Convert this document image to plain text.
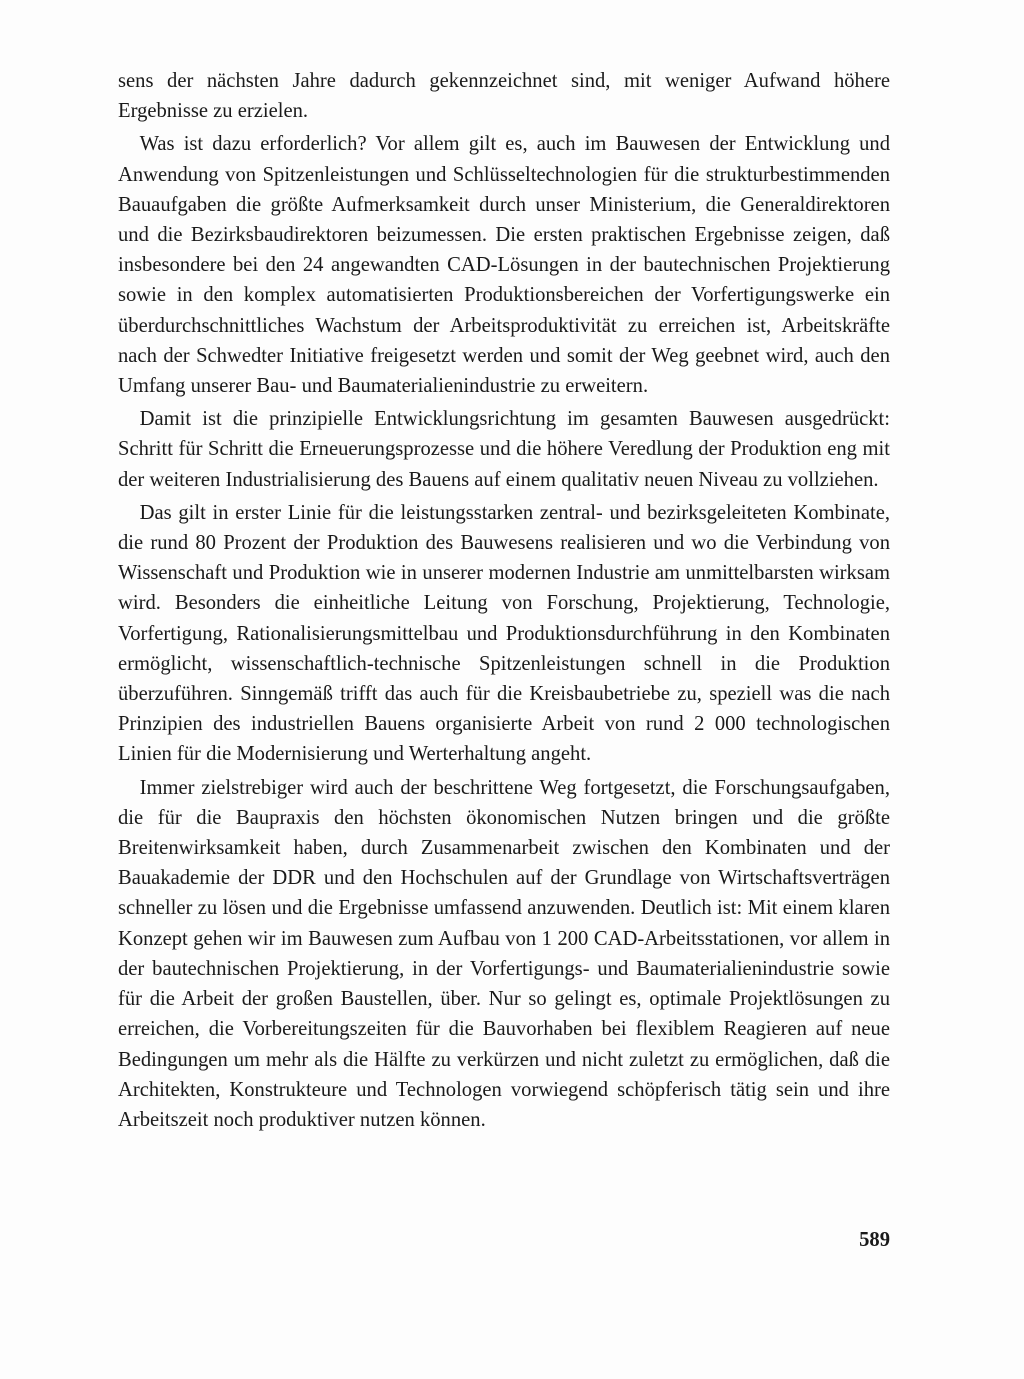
sens der nächsten Jahre dadurch gekennzeichnet sind, mit weniger Aufwand höhere Ergebnisse zu erzielen.

Was ist dazu erforderlich? Vor allem gilt es, auch im Bauwesen der Entwicklung und Anwendung von Spitzenleistungen und Schlüsseltechnologien für die strukturbestimmenden Bauaufgaben die größte Aufmerksamkeit durch unser Ministerium, die Generaldirektoren und die Bezirksbaudirektoren beizumessen. Die ersten praktischen Ergebnisse zeigen, daß insbesondere bei den 24 angewandten CAD-Lösungen in der bautechnischen Projektierung sowie in den komplex automatisierten Produktionsbereichen der Vorfertigungswerke ein überdurchschnittliches Wachstum der Arbeitsproduktivität zu erreichen ist, Arbeitskräfte nach der Schwedter Initiative freigesetzt werden und somit der Weg geebnet wird, auch den Umfang unserer Bau- und Baumaterialienindustrie zu erweitern.

Damit ist die prinzipielle Entwicklungsrichtung im gesamten Bauwesen ausgedrückt: Schritt für Schritt die Erneuerungsprozesse und die höhere Veredlung der Produktion eng mit der weiteren Industrialisierung des Bauens auf einem qualitativ neuen Niveau zu vollziehen.

Das gilt in erster Linie für die leistungsstarken zentral- und bezirksgeleiteten Kombinate, die rund 80 Prozent der Produktion des Bauwesens realisieren und wo die Verbindung von Wissenschaft und Produktion wie in unserer modernen Industrie am unmittelbarsten wirksam wird. Besonders die einheitliche Leitung von Forschung, Projektierung, Technologie, Vorfertigung, Rationalisierungsmittelbau und Produktionsdurchführung in den Kombinaten ermöglicht, wissenschaftlich-technische Spitzenleistungen schnell in die Produktion überzuführen. Sinngemäß trifft das auch für die Kreisbaubetriebe zu, speziell was die nach Prinzipien des industriellen Bauens organisierte Arbeit von rund 2 000 technologischen Linien für die Modernisierung und Werterhaltung angeht.

Immer zielstrebiger wird auch der beschrittene Weg fortgesetzt, die Forschungsaufgaben, die für die Baupraxis den höchsten ökonomischen Nutzen bringen und die größte Breitenwirksamkeit haben, durch Zusammenarbeit zwischen den Kombinaten und der Bauakademie der DDR und den Hochschulen auf der Grundlage von Wirtschaftsverträgen schneller zu lösen und die Ergebnisse umfassend anzuwenden. Deutlich ist: Mit einem klaren Konzept gehen wir im Bauwesen zum Aufbau von 1 200 CAD-Arbeitsstationen, vor allem in der bautechnischen Projektierung, in der Vorfertigungs- und Baumaterialienindustrie sowie für die Arbeit der großen Baustellen, über. Nur so gelingt es, optimale Projektlösungen zu erreichen, die Vorbereitungszeiten für die Bauvorhaben bei flexiblem Reagieren auf neue Bedingungen um mehr als die Hälfte zu verkürzen und nicht zuletzt zu ermöglichen, daß die Architekten, Konstrukteure und Technologen vorwiegend schöpferisch tätig sein und ihre Arbeitszeit noch produktiver nutzen können.

589
